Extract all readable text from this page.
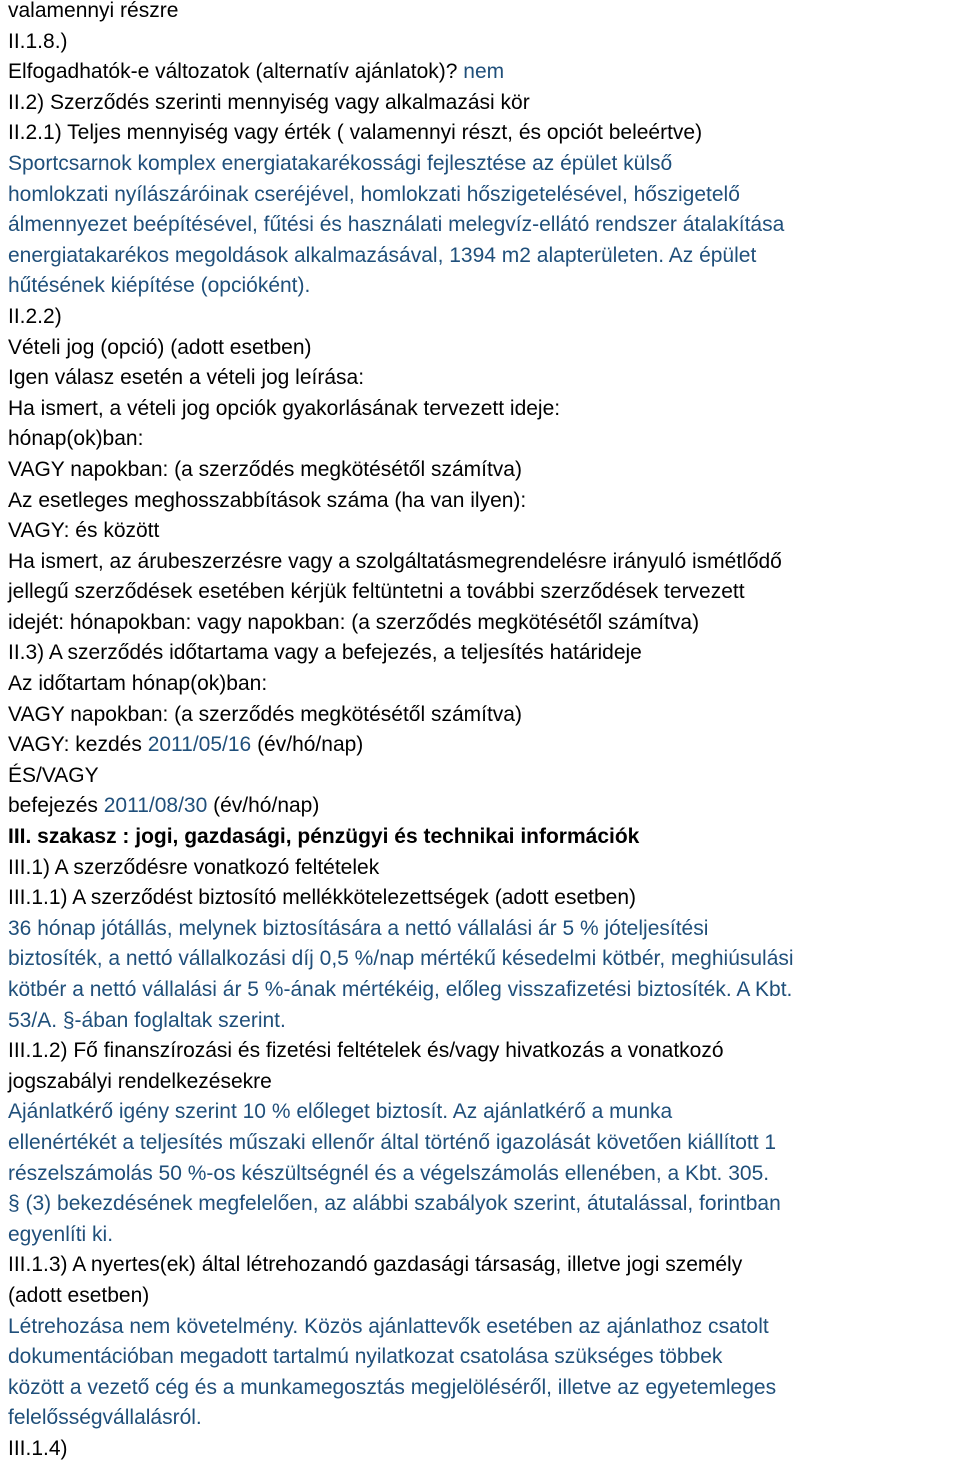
valamennyi részre
II.1.8.)
Elfogadhatók-e változatok (alternatív ajánlatok)? nem
II.2) Szerződés szerinti mennyiség vagy alkalmazási kör
II.2.1) Teljes mennyiség vagy érték ( valamennyi részt, és opciót beleértve)
Sportcsarnok komplex energiatakarékossági fejlesztése az épület külső
homlokzati nyílászáróinak cseréjével, homlokzati hőszigetelésével, hőszigetelő
álmennyezet beépítésével, fűtési és használati melegvíz-ellátó rendszer átalakítása
energiatakarékos megoldások alkalmazásával, 1394 m2 alapterületen. Az épület
hűtésének kiépítése (opcióként).
II.2.2)
Vételi jog (opció) (adott esetben)
Igen válasz esetén a vételi jog leírása:
Ha ismert, a vételi jog opciók gyakorlásának tervezett ideje:
hónap(ok)ban:
VAGY napokban: (a szerződés megkötésétől számítva)
Az esetleges meghosszabbítások száma (ha van ilyen):
VAGY: és között
Ha ismert, az árubeszerzésre vagy a szolgáltatásmegrendelésre irányuló ismétlődő
jellegű szerződések esetében kérjük feltüntetni a további szerződések tervezett
idejét: hónapokban: vagy napokban: (a szerződés megkötésétől számítva)
II.3) A szerződés időtartama vagy a befejezés, a teljesítés határideje
Az időtartam hónap(ok)ban:
VAGY napokban: (a szerződés megkötésétől számítva)
VAGY: kezdés 2011/05/16 (év/hó/nap)
ÉS/VAGY
befejezés 2011/08/30 (év/hó/nap)
III. szakasz : jogi, gazdasági, pénzügyi és technikai információk
III.1) A szerződésre vonatkozó feltételek
III.1.1) A szerződést biztosító mellékkötelezettségek (adott esetben)
36 hónap jótállás, melynek biztosítására a nettó vállalási ár 5 % jóteljesítési
biztosíték, a nettó vállalkozási díj 0,5 %/nap mértékű késedelmi kötbér, meghiúsulási
kötbér a nettó vállalási ár 5 %-ának mértékéig, előleg visszafizetési biztosíték. A Kbt.
53/A. §-ában foglaltak szerint.
III.1.2) Fő finanszírozási és fizetési feltételek és/vagy hivatkozás a vonatkozó
jogszabályi rendelkezésekre
Ajánlatkérő igény szerint 10 % előleget biztosít. Az ajánlatkérő a munka
ellenértékét a teljesítés műszaki ellenőr által történő igazolását követően kiállított 1
részelszámolás 50 %-os készültségnél és a végelszámolás ellenében, a Kbt. 305.
§ (3) bekezdésének megfelelően, az alábbi szabályok szerint, átutalással, forintban
egyenlíti ki.
III.1.3) A nyertes(ek) által létrehozandó gazdasági társaság, illetve jogi személy
(adott esetben)
Létrehozása nem követelmény. Közös ajánlattevők esetében az ajánlathoz csatolt
dokumentációban megadott tartalmú nyilatkozat csatolása szükséges többek
között a vezető cég és a munkamegosztás megjelöléséről, illetve az egyetemleges
felelősségvállalásról.
III.1.4)
